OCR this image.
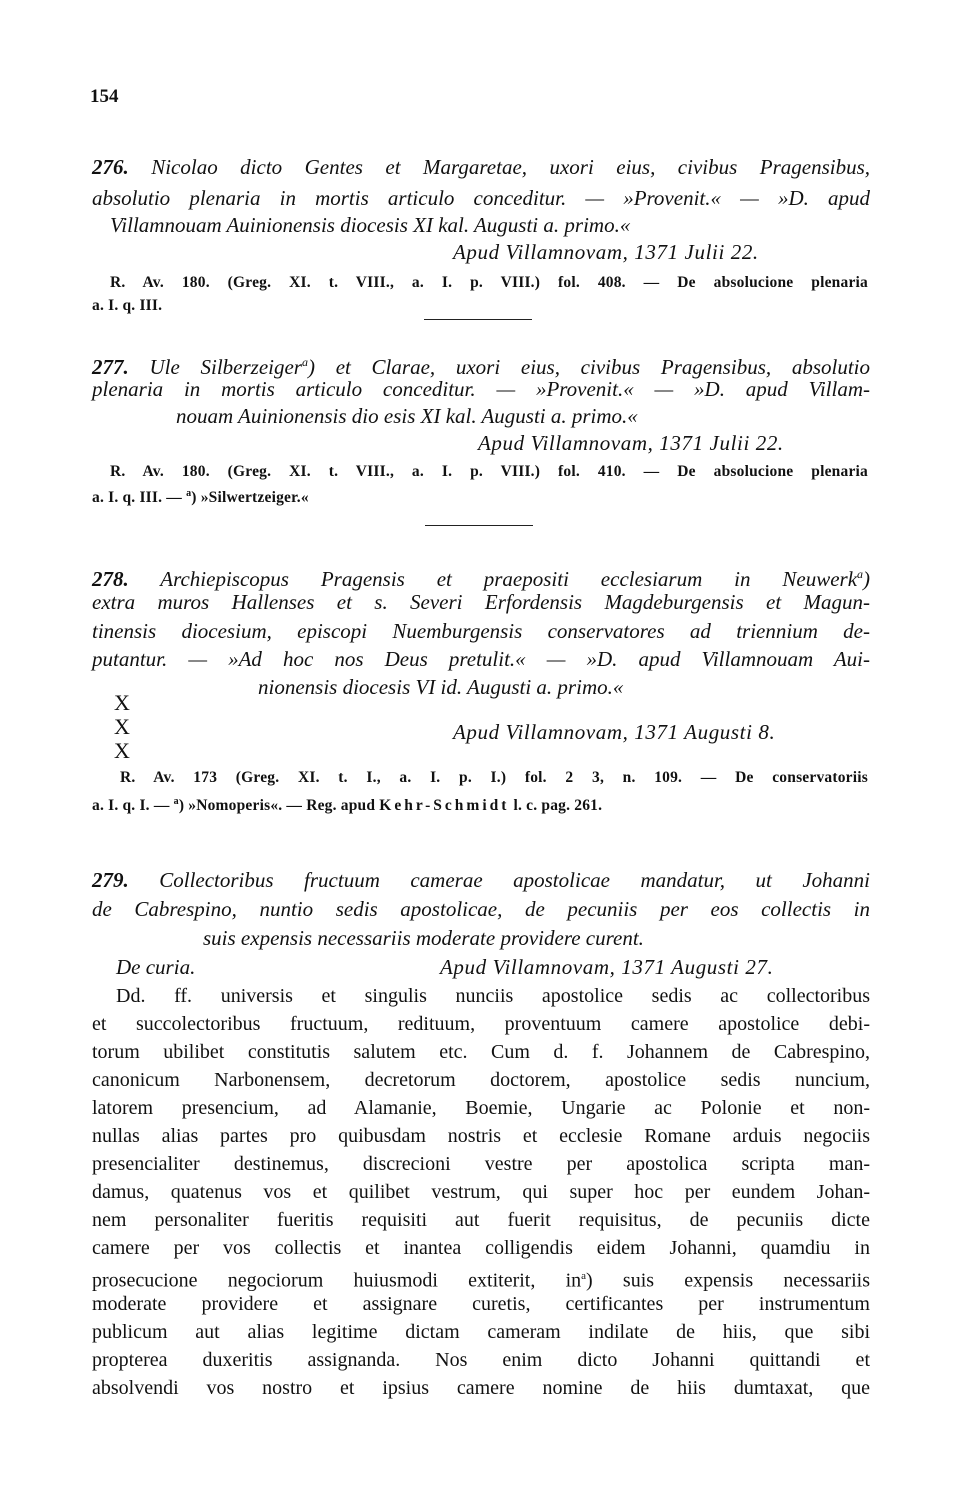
154
276. Nicolao dicto Gentes et Margaretae, uxori eius, civibus Pragensibus,
absolutio plenaria in mortis articulo conceditur. — »Provenit.« — »D. apud
Villamnouam Auinionensis diocesis XI kal. Augusti a. primo.«
Apud Villamnovam, 1371 Julii 22.
R. Av. 180. (Greg. XI. t. VIII., a. I. p. VIII.) fol. 408. — De absolucione plenaria
a. I. q. III.
277. Ule Silberzeiger$^a$) et Clarae, uxori eius, civibus Pragensibus, absolutio
plenaria in mortis articulo conceditur. — »Provenit.« — »D. apud Villam-
nouam Auinionensis dio esis XI kal. Augusti a. primo.«
Apud Villamnovam, 1371 Julii 22.
R. Av. 180. (Greg. XI. t. VIII., a. I. p. VIII.) fol. 410. — De absolucione plenaria
a. I. q. III. — $^a$) »Silwertzeiger.«
278. Archiepiscopus Pragensis et praepositi ecclesiarum in Neuwerk$^a$)
extra muros Hallenses et s. Severi Erfordensis Magdeburgensis et Magun-
tinensis diocesium, episcopi Nuemburgensis conservatores ad triennium de-
putantur. — »Ad hoc nos Deus pretulit.« — »D. apud Villamnouam Aui-
nionensis diocesis VI id. Augusti a. primo.«
X
X
X
Apud Villamnovam, 1371 Augusti 8.
R. Av. 173 (Greg. XI. t. I., a. I. p. I.) fol. 2 3, n. 109. — De conservatoriis
a. I. q. I. — $^a$) »Nomoperis«. — Reg. apud Kehr-Schmidt l. c. pag. 261.
279. Collectoribus fructuum camerae apostolicae mandatur, ut Johanni
de Cabrespino, nuntio sedis apostolicae, de pecuniis per eos collectis in
suis expensis necessariis moderate providere curent.
De curia.	Apud Villamnovam, 1371 Augusti 27.
Dd. ff. universis et singulis nunciis apostolice sedis ac collectoribus
et succolectoribus fructuum, redituum, proventuum camere apostolice debi-
torum ubilibet constitutis salutem etc. Cum d. f. Johannem de Cabrespino,
canonicum Narbonensem, decretorum doctorem, apostolice sedis nuncium,
latorem presencium, ad Alamanie, Boemie, Ungarie ac Polonie et non-
nullas alias partes pro quibusdam nostris et ecclesie Romane arduis negociis
presencialiter destinemus, discrecioni vestre per apostolica scripta man-
damus, quatenus vos et quilibet vestrum, qui super hoc per eundem Johan-
nem personaliter fueritis requisiti aut fuerit requisitus, de pecuniis dicte
camere per vos collectis et inantea colligendis eidem Johanni, quamdiu in
prosecucione negociorum huiusmodi extiterit, $in^a$) suis expensis necessariis
moderate providere et assignare curetis, certificantes per instrumentum
publicum aut alias legitime dictam cameram indilate de hiis, que sibi
propterea duxeritis assignanda. Nos enim dicto Johanni quittandi et
absolvendi vos nostro et ipsius camere nomine de hiis dumtaxat, que
